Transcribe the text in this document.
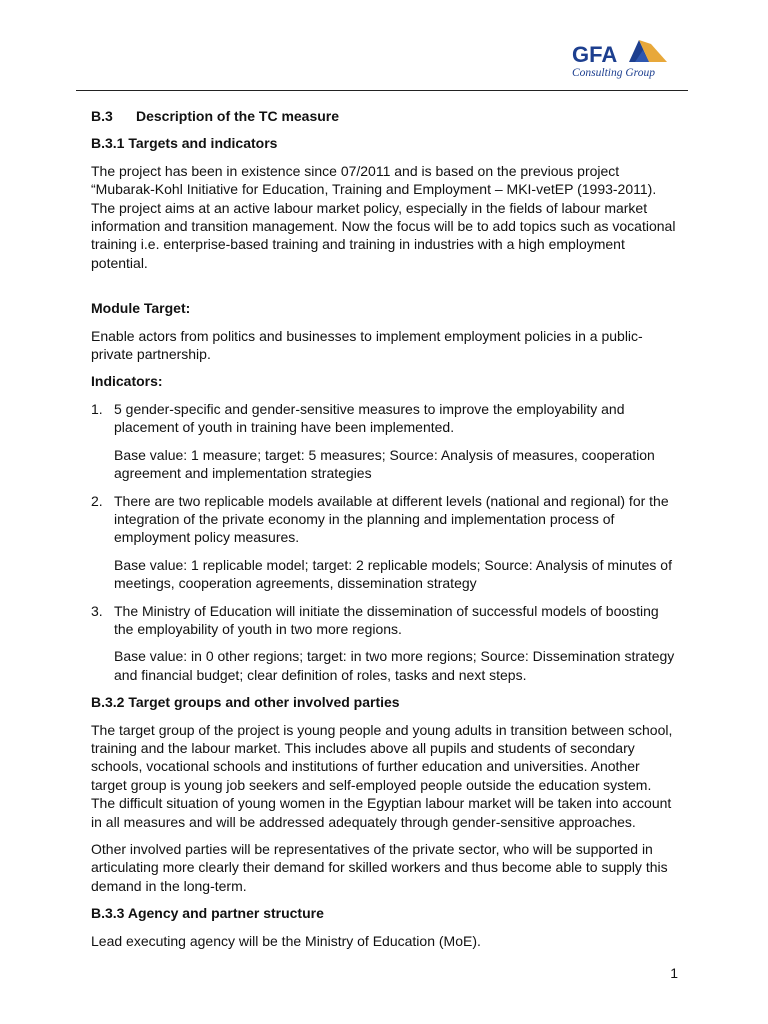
GFA
Consulting Group
B.3 Description of the TC measure
B.3.1 Targets and indicators

The project has been in existence since 07/2011 and is based on the previous project “Mubarak-Kohl Initiative for Education, Training and Employment – MKI-vetEP (1993-2011). The project aims at an active labour market policy, especially in the fields of labour market information and transition management. Now the focus will be to add topics such as vocational training i.e. enterprise-based training and training in industries with a high employment potential.

Module Target:

Enable actors from politics and businesses to implement employment policies in a public-private partnership.

Indicators:
1. 5 gender-specific and gender-sensitive measures to improve the employability and placement of youth in training have been implemented.
Base value: 1 measure; target: 5 measures; Source: Analysis of measures, cooperation agreement and implementation strategies
2. There are two replicable models available at different levels (national and regional) for the integration of the private economy in the planning and implementation process of employment policy measures.
Base value: 1 replicable model; target: 2 replicable models; Source: Analysis of minutes of meetings, cooperation agreements, dissemination strategy
3. The Ministry of Education will initiate the dissemination of successful models of boosting the employability of youth in two more regions.
Base value: in 0 other regions; target: in two more regions; Source: Dissemination strategy and financial budget; clear definition of roles, tasks and next steps.
B.3.2 Target groups and other involved parties

The target group of the project is young people and young adults in transition between school, training and the labour market. This includes above all pupils and students of secondary schools, vocational schools and institutions of further education and universities. Another target group is young job seekers and self-employed people outside the education system. The difficult situation of young women in the Egyptian labour market will be taken into account in all measures and will be addressed adequately through gender-sensitive approaches.

Other involved parties will be representatives of the private sector, who will be supported in articulating more clearly their demand for skilled workers and thus become able to supply this demand in the long-term.

B.3.3 Agency and partner structure

Lead executing agency will be the Ministry of Education (MoE).

1
